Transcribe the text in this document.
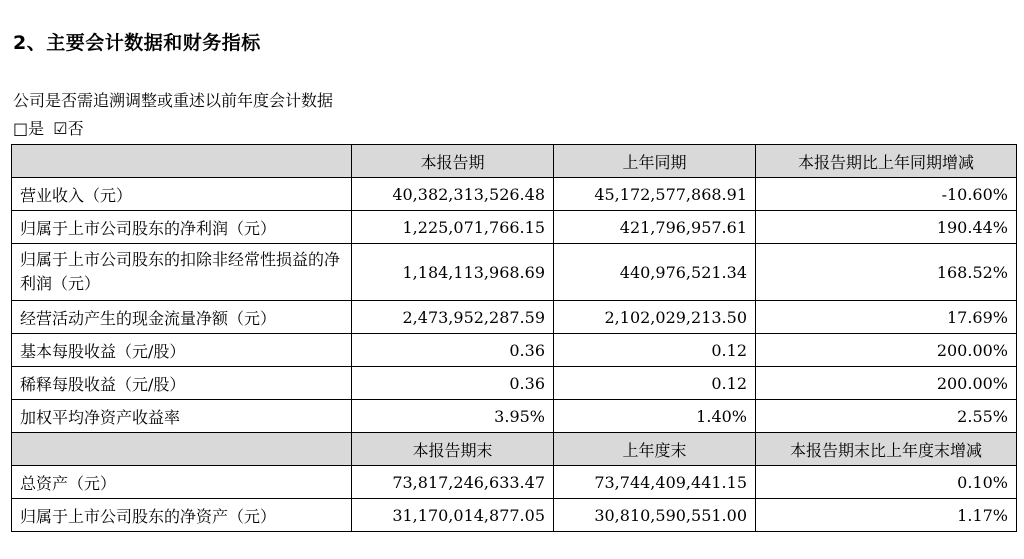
2、主要会计数据和财务指标
公司是否需追溯调整或重述以前年度会计数据
□是 ☑否
	本报告期	上年同期	本报告期比上年同期增减
营业收入（元）	40,382,313,526.48	45,172,577,868.91	-10.60%
归属于上市公司股东的净利润（元）	1,225,071,766.15	421,796,957.61	190.44%
归属于上市公司股东的扣除非经常性损益的净利润（元）	1,184,113,968.69	440,976,521.34	168.52%
经营活动产生的现金流量净额（元）	2,473,952,287.59	2,102,029,213.50	17.69%
基本每股收益（元/股）	0.36	0.12	200.00%
稀释每股收益（元/股）	0.36	0.12	200.00%
加权平均净资产收益率	3.95%	1.40%	2.55%
	本报告期末	上年度末	本报告期末比上年度末增减
总资产（元）	73,817,246,633.47	73,744,409,441.15	0.10%
归属于上市公司股东的净资产（元）	31,170,014,877.05	30,810,590,551.00	1.17%
